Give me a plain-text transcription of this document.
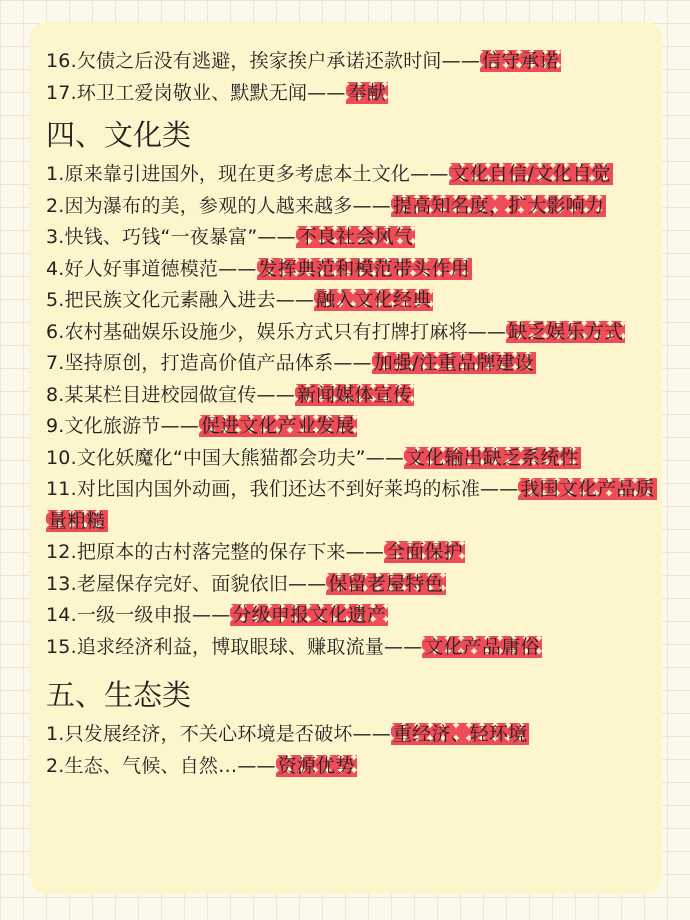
16.欠债之后没有逃避，挨家挨户承诺还款时间—— 信守承诺
17.环卫工爱岗敬业、默默无闻—— 奉献
四、文化类
1.原来靠引进国外，现在更多考虑本土文化—— 文化自信/文化自觉
2.因为瀑布的美，参观的人越来越多—— 提高知名度，扩大影响力
3.快钱、巧钱“一夜暴富”—— 不良社会风气
4.好人好事道德模范—— 发挥典范和模范带头作用
5.把民族文化元素融入进去—— 融入文化经典
6.农村基础娱乐设施少，娱乐方式只有打牌打麻将—— 缺乏娱乐方式
7.坚持原创，打造高价值产品体系—— 加强/注重品牌建设
8.某某栏目进校园做宣传—— 新闻媒体宣传
9.文化旅游节—— 促进文化产业发展
10.文化妖魔化“中国大熊猫都会功夫”—— 文化输出缺乏系统性
11.对比国内国外动画，我们还达不到好莱坞的标准—— 我国文化产品质量粗糙
12.把原本的古村落完整的保存下来—— 全面保护
13.老屋保存完好、面貌依旧—— 保留老屋特色
14.一级一级申报—— 分级申报文化遗产
15.追求经济利益，博取眼球、赚取流量—— 文化产品庸俗
五、生态类
1.只发展经济，不关心环境是否破坏—— 重经济、轻环境
2.生态、气候、自然…—— 资源优势
